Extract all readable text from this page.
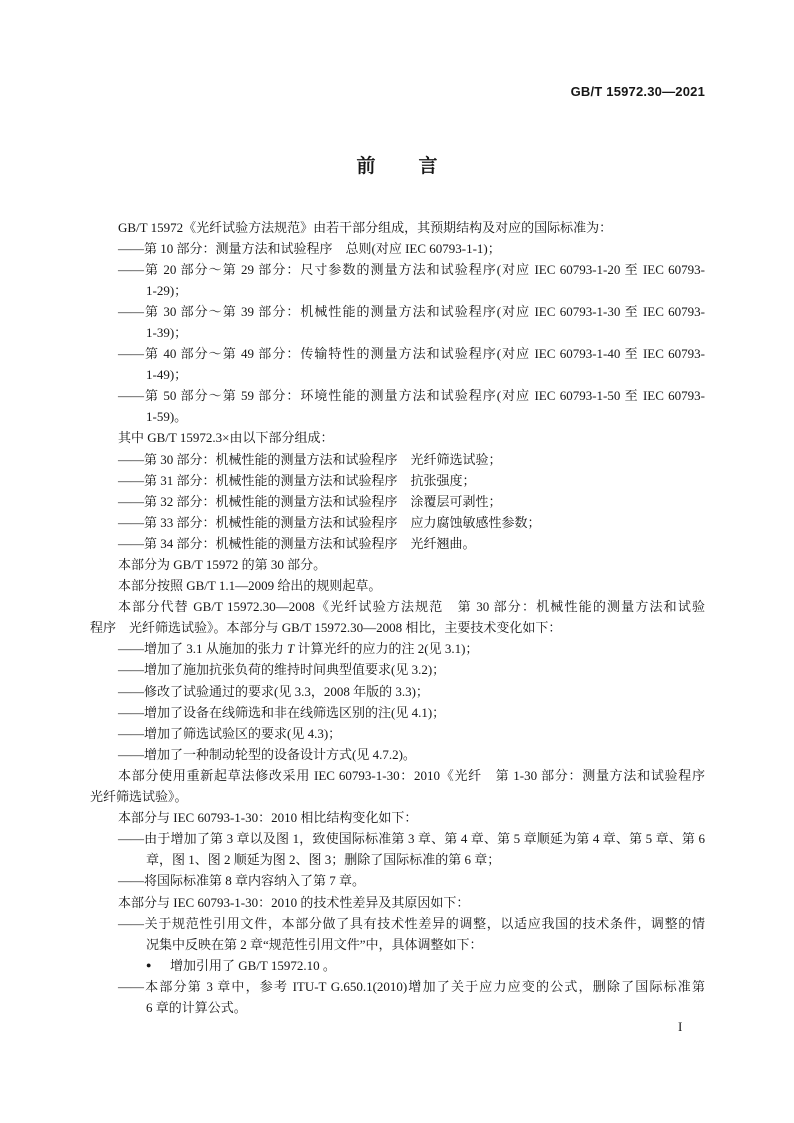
GB/T 15972.30—2021
前　言
GB/T 15972《光纤试验方法规范》由若干部分组成，其预期结构及对应的国际标准为：
——第 10 部分：测量方法和试验程序　总则(对应 IEC 60793-1-1)；
——第 20 部分～第 29 部分：尺寸参数的测量方法和试验程序(对应 IEC 60793-1-20 至 IEC 60793-
1-29)；
——第 30 部分～第 39 部分：机械性能的测量方法和试验程序(对应 IEC 60793-1-30 至 IEC 60793-
1-39)；
——第 40 部分～第 49 部分：传输特性的测量方法和试验程序(对应 IEC 60793-1-40 至 IEC 60793-
1-49)；
——第 50 部分～第 59 部分：环境性能的测量方法和试验程序(对应 IEC 60793-1-50 至 IEC 60793-
1-59)。
其中 GB/T 15972.3×由以下部分组成：
——第 30 部分：机械性能的测量方法和试验程序　光纤筛选试验；
——第 31 部分：机械性能的测量方法和试验程序　抗张强度；
——第 32 部分：机械性能的测量方法和试验程序　涂覆层可剥性；
——第 33 部分：机械性能的测量方法和试验程序　应力腐蚀敏感性参数；
——第 34 部分：机械性能的测量方法和试验程序　光纤翘曲。
本部分为 GB/T 15972 的第 30 部分。
本部分按照 GB/T 1.1—2009 给出的规则起草。
本部分代替 GB/T 15972.30—2008《光纤试验方法规范　第 30 部分：机械性能的测量方法和试验
程序　光纤筛选试验》。本部分与 GB/T 15972.30—2008 相比，主要技术变化如下：
——增加了 3.1 从施加的张力 T 计算光纤的应力的注 2(见 3.1)；
——增加了施加抗张负荷的维持时间典型值要求(见 3.2)；
——修改了试验通过的要求(见 3.3，2008 年版的 3.3)；
——增加了设备在线筛选和非在线筛选区别的注(见 4.1)；
——增加了筛选试验区的要求(见 4.3)；
——增加了一种制动轮型的设备设计方式(见 4.7.2)。
本部分使用重新起草法修改采用 IEC 60793-1-30：2010《光纤　第 1-30 部分：测量方法和试验程序
光纤筛选试验》。
本部分与 IEC 60793-1-30：2010 相比结构变化如下：
——由于增加了第 3 章以及图 1，致使国际标准第 3 章、第 4 章、第 5 章顺延为第 4 章、第 5 章、第 6
章，图 1、图 2 顺延为图 2、图 3；删除了国际标准的第 6 章；
——将国际标准第 8 章内容纳入了第 7 章。
本部分与 IEC 60793-1-30：2010 的技术性差异及其原因如下：
——关于规范性引用文件，本部分做了具有技术性差异的调整，以适应我国的技术条件，调整的情
况集中反映在第 2 章“规范性引用文件”中，具体调整如下：
● 增加引用了 GB/T 15972.10 。
——本部分第 3 章中，参考 ITU-T G.650.1(2010)增加了关于应力应变的公式，删除了国际标准第
6 章的计算公式。
I
